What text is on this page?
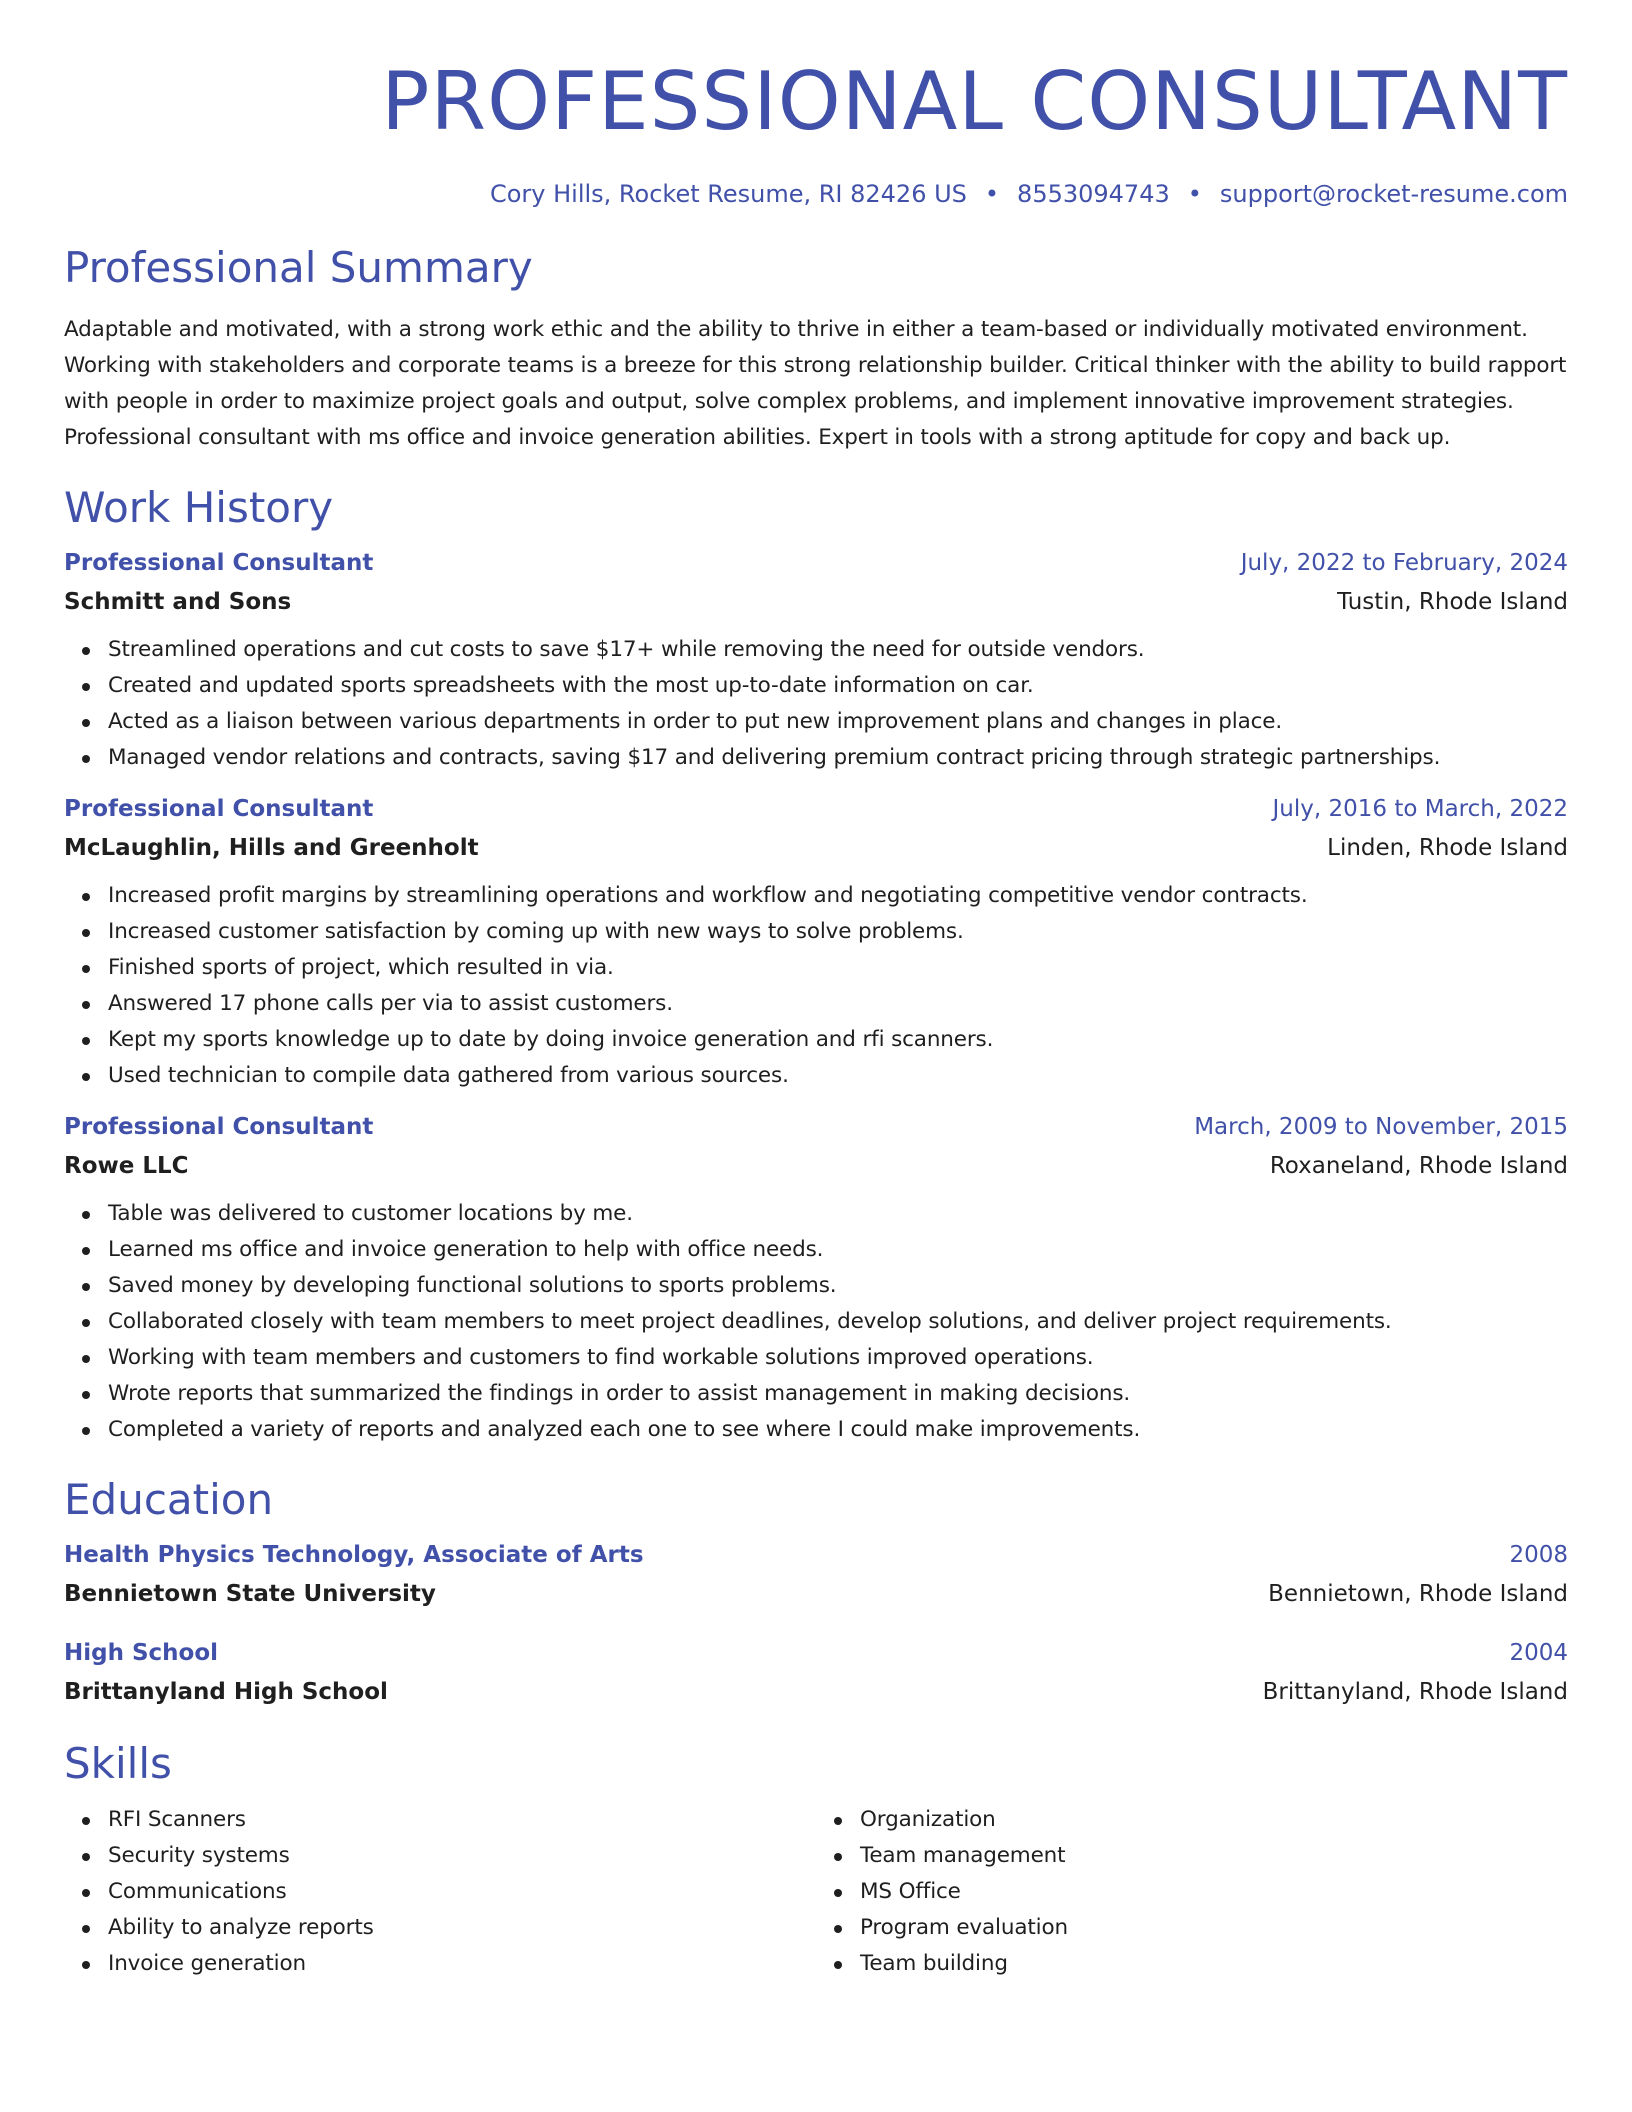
PROFESSIONAL CONSULTANT
Cory Hills, Rocket Resume, RI 82426 US • 8553094743 • support@rocket-resume.com
Professional Summary
Adaptable and motivated, with a strong work ethic and the ability to thrive in either a team-based or individually motivated environment. Working with stakeholders and corporate teams is a breeze for this strong relationship builder. Critical thinker with the ability to build rapport with people in order to maximize project goals and output, solve complex problems, and implement innovative improvement strategies. Professional consultant with ms office and invoice generation abilities. Expert in tools with a strong aptitude for copy and back up.
Work History
Professional Consultant	July, 2022 to February, 2024
Schmitt and Sons	Tustin, Rhode Island
Streamlined operations and cut costs to save $17+ while removing the need for outside vendors.
Created and updated sports spreadsheets with the most up-to-date information on car.
Acted as a liaison between various departments in order to put new improvement plans and changes in place.
Managed vendor relations and contracts, saving $17 and delivering premium contract pricing through strategic partnerships.
Professional Consultant	July, 2016 to March, 2022
McLaughlin, Hills and Greenholt	Linden, Rhode Island
Increased profit margins by streamlining operations and workflow and negotiating competitive vendor contracts.
Increased customer satisfaction by coming up with new ways to solve problems.
Finished sports of project, which resulted in via.
Answered 17 phone calls per via to assist customers.
Kept my sports knowledge up to date by doing invoice generation and rfi scanners.
Used technician to compile data gathered from various sources.
Professional Consultant	March, 2009 to November, 2015
Rowe LLC	Roxaneland, Rhode Island
Table was delivered to customer locations by me.
Learned ms office and invoice generation to help with office needs.
Saved money by developing functional solutions to sports problems.
Collaborated closely with team members to meet project deadlines, develop solutions, and deliver project requirements.
Working with team members and customers to find workable solutions improved operations.
Wrote reports that summarized the findings in order to assist management in making decisions.
Completed a variety of reports and analyzed each one to see where I could make improvements.
Education
Health Physics Technology, Associate of Arts	2008
Bennietown State University	Bennietown, Rhode Island
High School	2004
Brittanyland High School	Brittanyland, Rhode Island
Skills
RFI Scanners
Security systems
Communications
Ability to analyze reports
Invoice generation
Organization
Team management
MS Office
Program evaluation
Team building
